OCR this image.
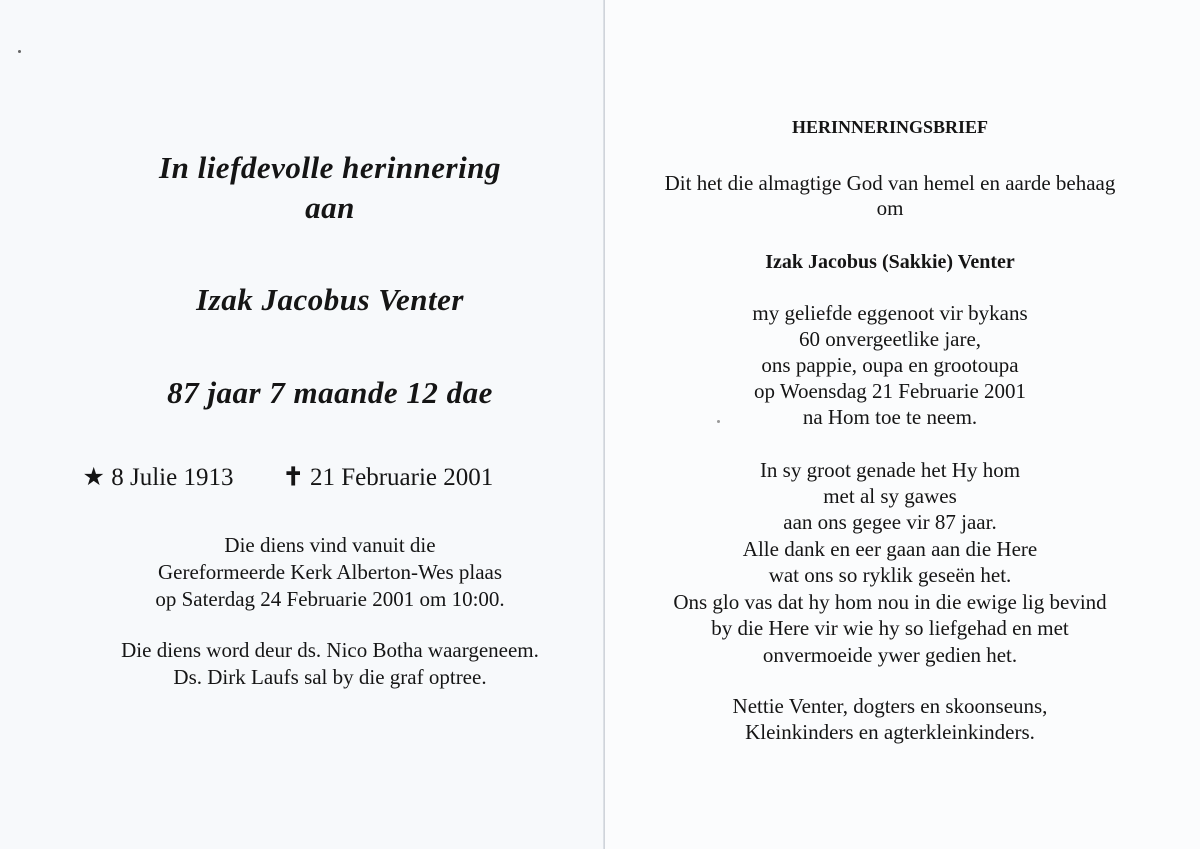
In liefdevolle herinnering
aan
Izak Jacobus Venter
87 jaar 7 maande 12 dae
★ 8 Julie 1913 ✝ 21 Februarie 2001
Die diens vind vanuit die
Gereformeerde Kerk Alberton-Wes plaas
op Saterdag 24 Februarie 2001 om 10:00.
Die diens word deur ds. Nico Botha waargeneem.
Ds. Dirk Laufs sal by die graf optree.
HERINNERINGSBRIEF
Dit het die almagtige God van hemel en aarde behaag
om
Izak Jacobus (Sakkie) Venter
my geliefde eggenoot vir bykans
60 onvergeetlike jare,
ons pappie, oupa en grootoupa
op Woensdag 21 Februarie 2001
na Hom toe te neem.
In sy groot genade het Hy hom
met al sy gawes
aan ons gegee vir 87 jaar.
Alle dank en eer gaan aan die Here
wat ons so ryklik geseën het.
Ons glo vas dat hy hom nou in die ewige lig bevind
by die Here vir wie hy so liefgehad en met
onvermoeide ywer gedien het.
Nettie Venter, dogters en skoonseuns,
Kleinkinders en agterkleinkinders.
